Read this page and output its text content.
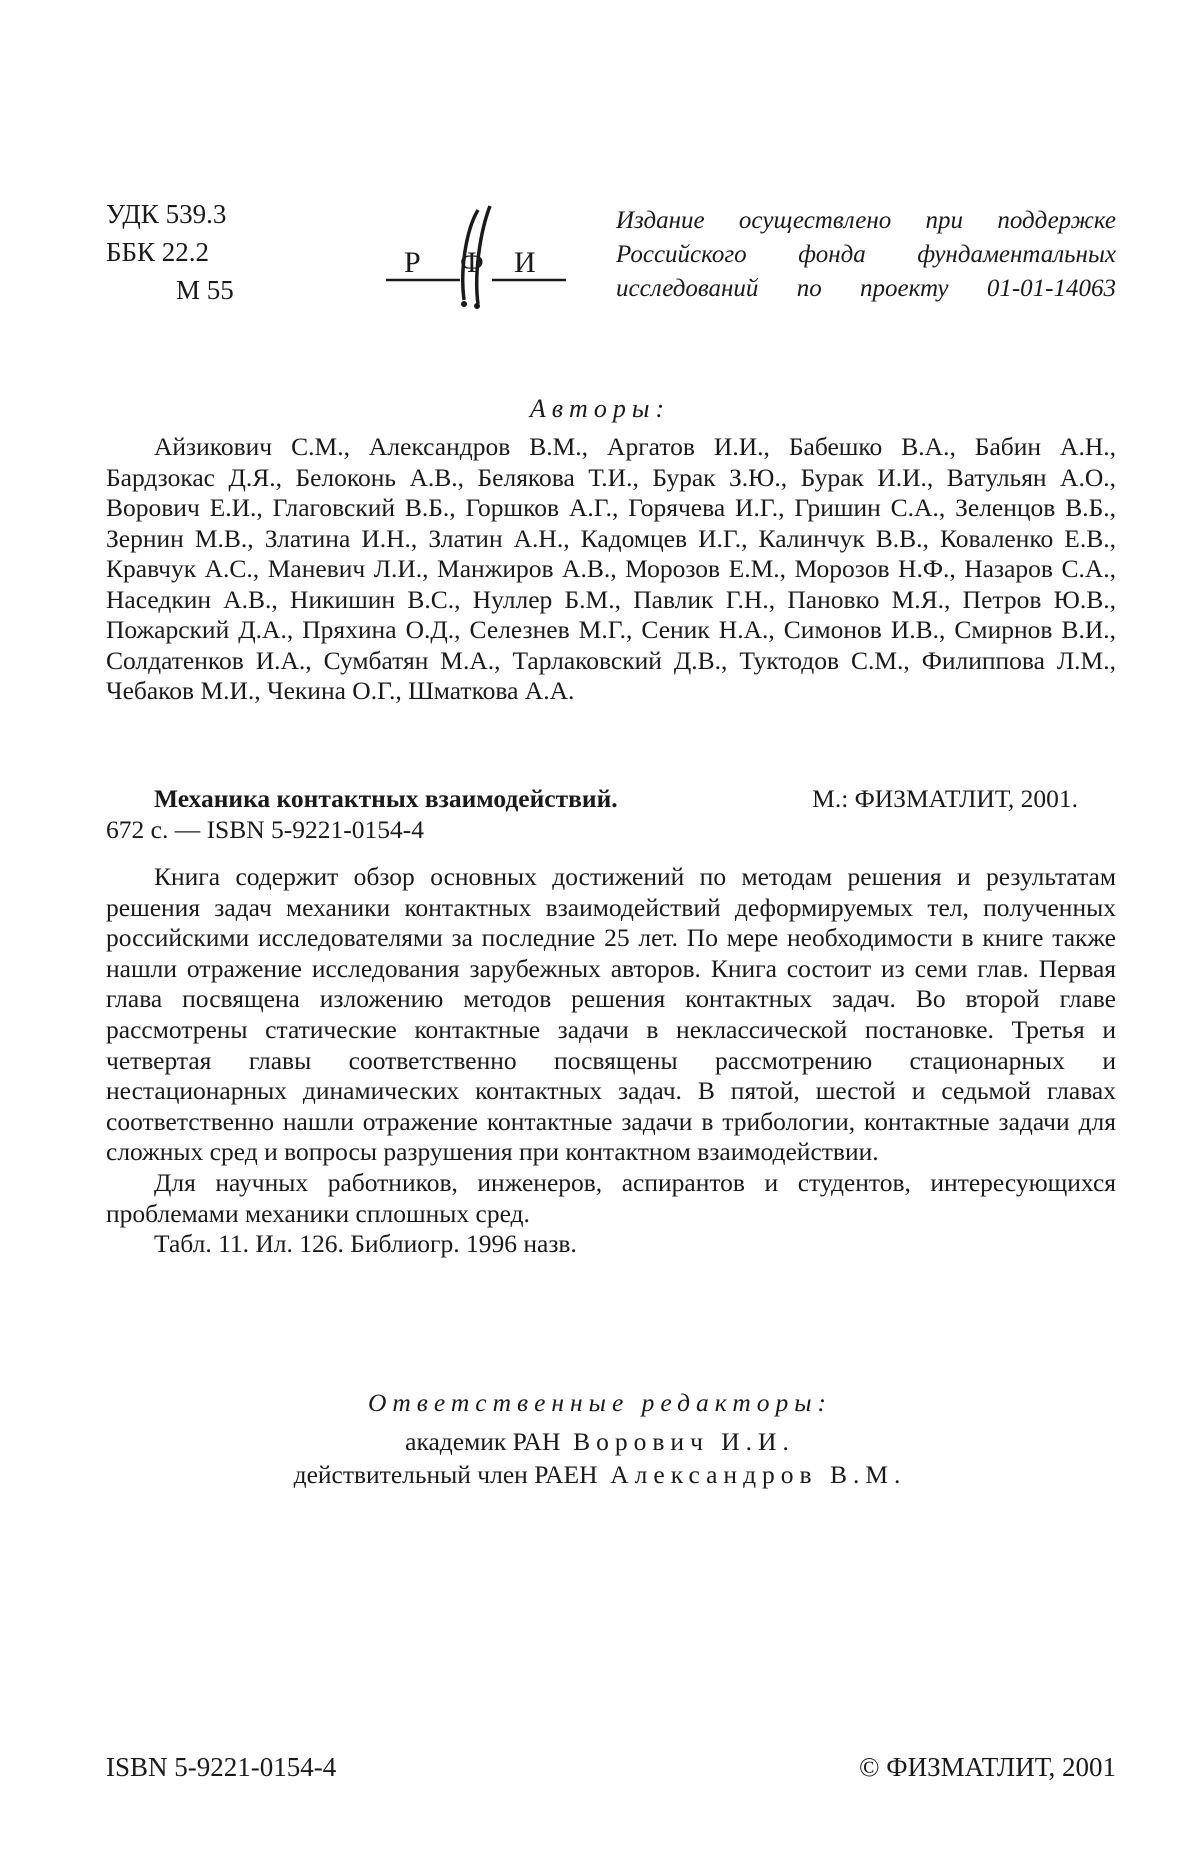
УДК 539.3
ББК 22.2
М 55
Р Ф И
Издание осуществлено при поддержке Российского фонда фундаментальных исследований по проекту 01-01-14063
Авторы:

Айзикович С.М., Александров В.М., Аргатов И.И., Бабешко В.А., Бабин А.Н., Бардзокас Д.Я., Белоконь А.В., Белякова Т.И., Бурак З.Ю., Бурак И.И., Ватульян А.О., Ворович Е.И., Глаговский В.Б., Горшков А.Г., Горячева И.Г., Гришин С.А., Зеленцов В.Б., Зернин М.В., Златина И.Н., Златин А.Н., Кадомцев И.Г., Калинчук В.В., Коваленко Е.В., Кравчук А.С., Маневич Л.И., Манжиров А.В., Морозов Е.М., Морозов Н.Ф., Назаров С.А., Наседкин А.В., Никишин В.С., Нуллер Б.М., Павлик Г.Н., Пановко М.Я., Петров Ю.В., Пожарский Д.А., Пряхина О.Д., Селезнев М.Г., Сеник Н.А., Симонов И.В., Смирнов В.И., Солдатенков И.А., Сумбатян М.А., Тарлаковский Д.В., Туктодов С.М., Филиппова Л.М., Чебаков М.И., Чекина О.Г., Шматкова А.А.

Механика контактных взаимодействий.	М.: ФИЗМАТЛИТ, 2001.
672 с. — ISBN 5-9221-0154-4

Книга содержит обзор основных достижений по методам решения и результатам решения задач механики контактных взаимодействий деформируемых тел, полученных российскими исследователями за последние 25 лет. По мере необходимости в книге также нашли отражение исследования зарубежных авторов. Книга состоит из семи глав. Первая глава посвящена изложению методов решения контактных задач. Во второй главе рассмотрены статические контактные задачи в неклассической постановке. Третья и четвертая главы соответственно посвящены рассмотрению стационарных и нестационарных динамических контактных задач. В пятой, шестой и седьмой главах соответственно нашли отражение контактные задачи в трибологии, контактные задачи для сложных сред и вопросы разрушения при контактном взаимодействии.

Для научных работников, инженеров, аспирантов и студентов, интересующихся проблемами механики сплошных сред.

Табл. 11. Ил. 126. Библиогр. 1996 назв.

Ответственные редакторы:
академик РАН Ворович И.И.
действительный член РАЕН Александров В.М.
ISBN 5-9221-0154-4	© ФИЗМАТЛИТ, 2001
